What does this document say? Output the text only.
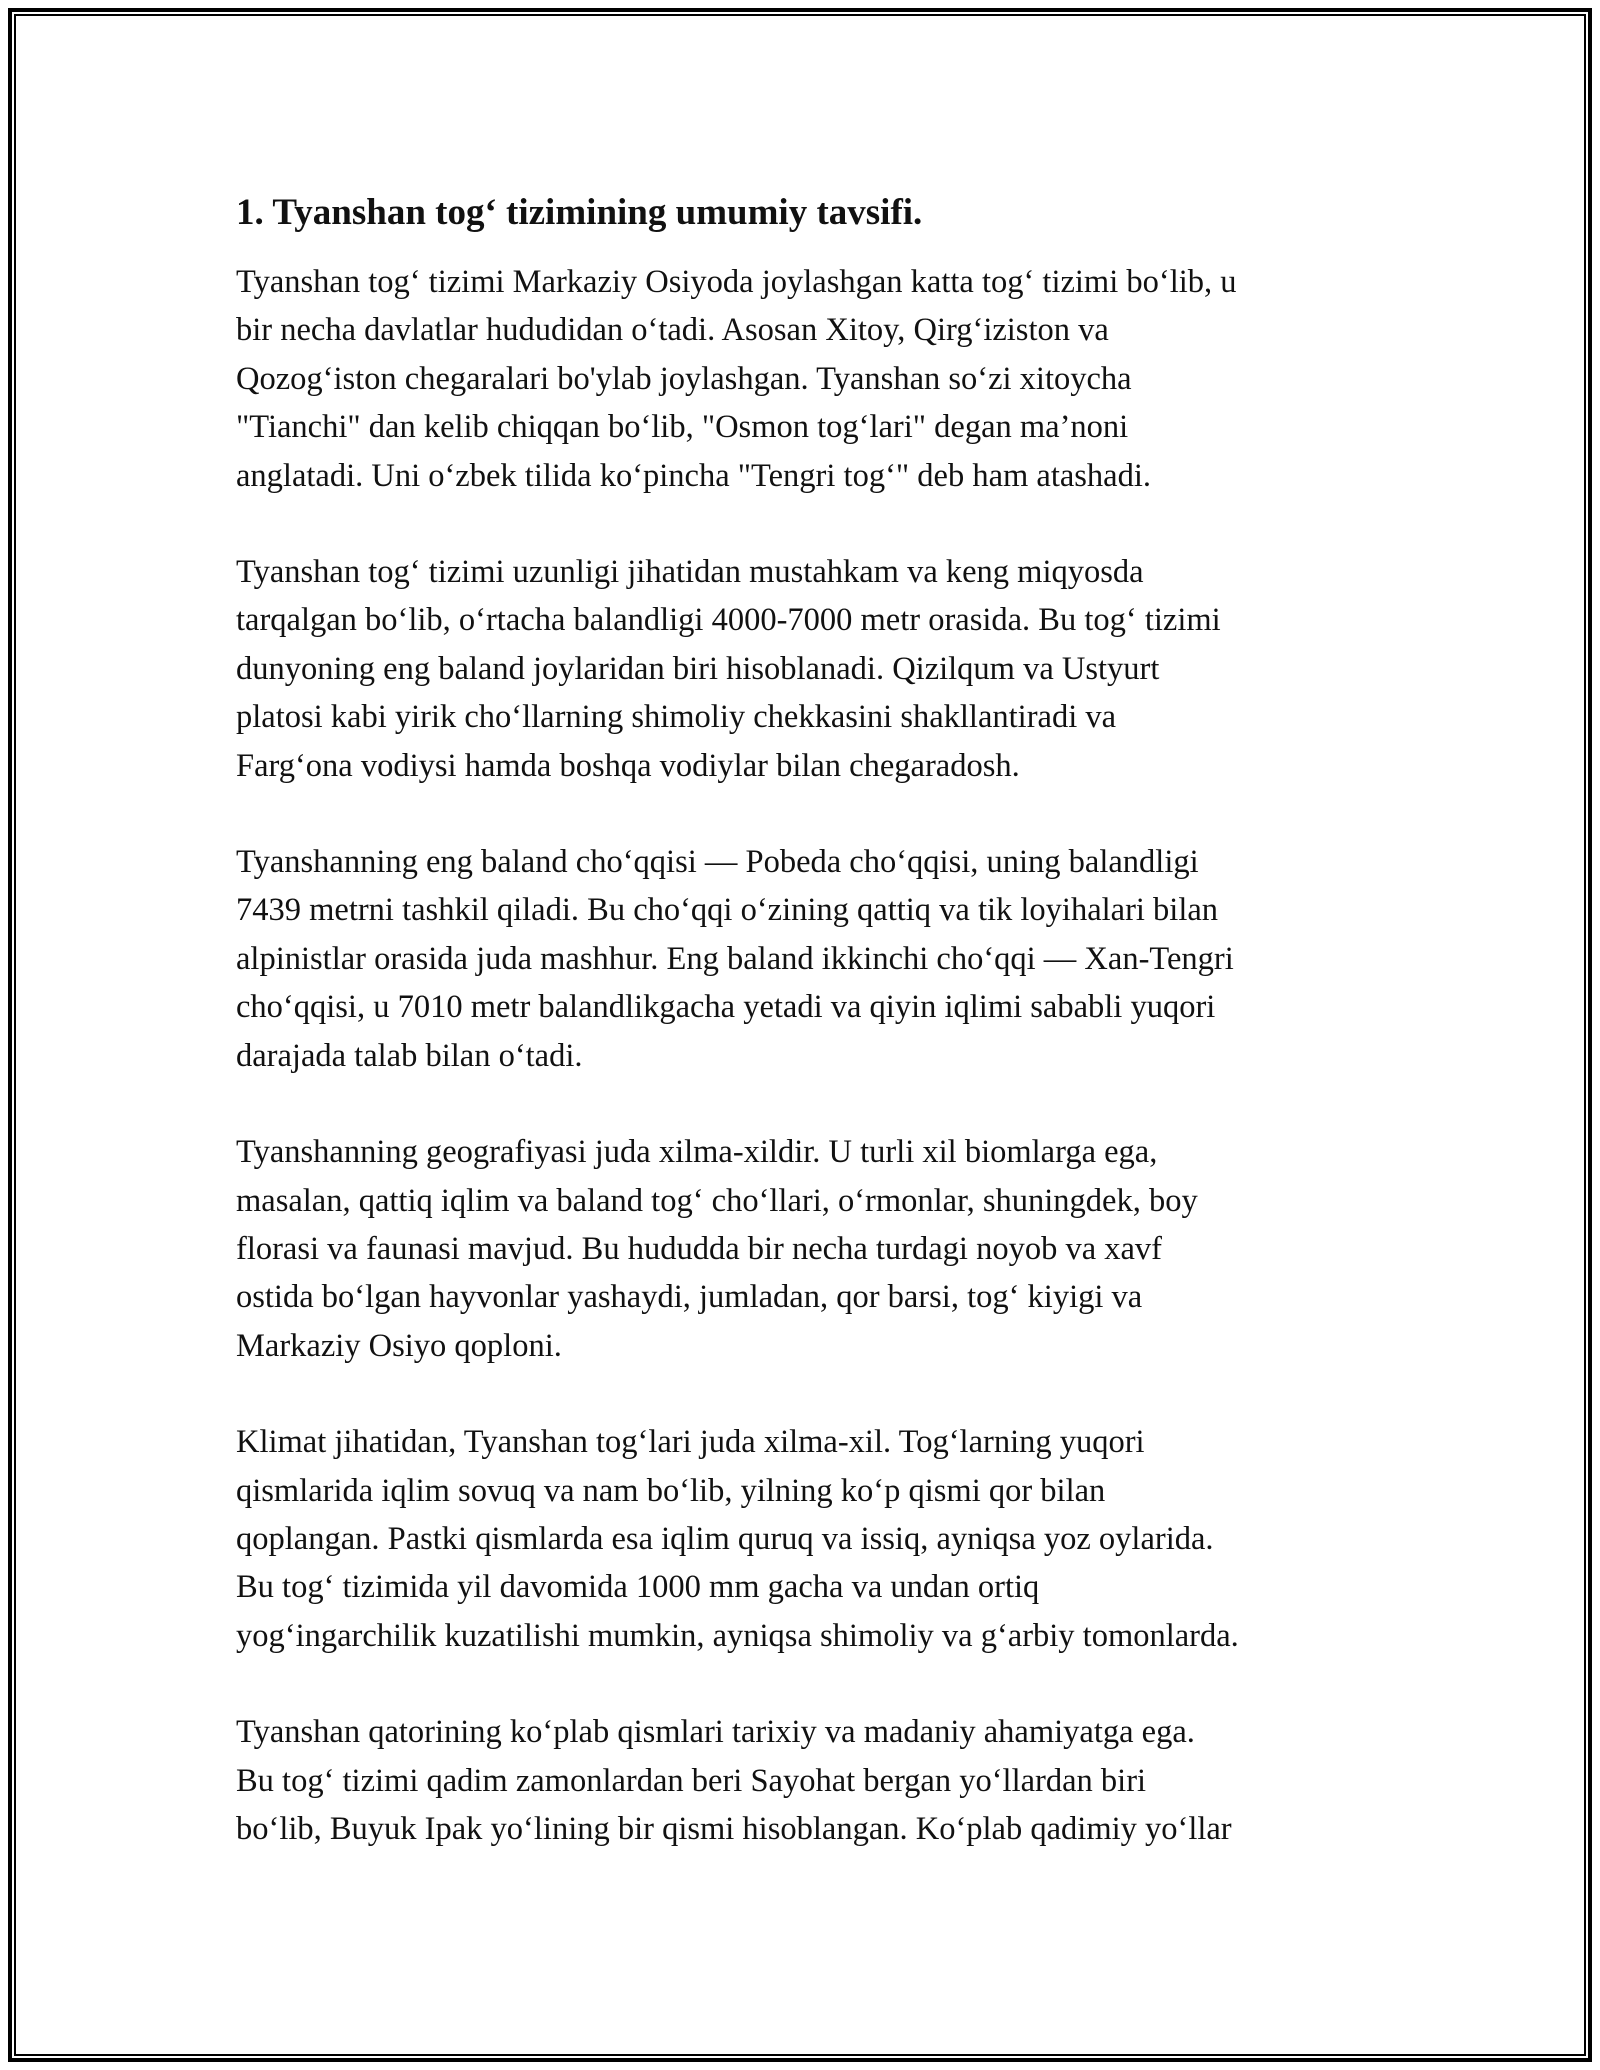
1. Tyanshan tog‘ tizimining umumiy tavsifi.

Tyanshan tog‘ tizimi Markaziy Osiyoda joylashgan katta tog‘ tizimi bo‘lib, u
bir necha davlatlar hududidan o‘tadi. Asosan Xitoy, Qirg‘iziston va
Qozog‘iston chegaralari bo'ylab joylashgan. Tyanshan so‘zi xitoycha
"Tianchi" dan kelib chiqqan bo‘lib, "Osmon tog‘lari" degan ma’noni
anglatadi. Uni o‘zbek tilida ko‘pincha "Tengri tog‘" deb ham atashadi.

Tyanshan tog‘ tizimi uzunligi jihatidan mustahkam va keng miqyosda
tarqalgan bo‘lib, o‘rtacha balandligi 4000-7000 metr orasida. Bu tog‘ tizimi
dunyoning eng baland joylaridan biri hisoblanadi. Qizilqum va Ustyurt
platosi kabi yirik cho‘llarning shimoliy chekkasini shakllantiradi va
Farg‘ona vodiysi hamda boshqa vodiylar bilan chegaradosh.

Tyanshanning eng baland cho‘qqisi — Pobeda cho‘qqisi, uning balandligi
7439 metrni tashkil qiladi. Bu cho‘qqi o‘zining qattiq va tik loyihalari bilan
alpinistlar orasida juda mashhur. Eng baland ikkinchi cho‘qqi — Xan-Tengri
cho‘qqisi, u 7010 metr balandlikgacha yetadi va qiyin iqlimi sababli yuqori
darajada talab bilan o‘tadi.

Tyanshanning geografiyasi juda xilma-xildir. U turli xil biomlarga ega,
masalan, qattiq iqlim va baland tog‘ cho‘llari, o‘rmonlar, shuningdek, boy
florasi va faunasi mavjud. Bu hududda bir necha turdagi noyob va xavf
ostida bo‘lgan hayvonlar yashaydi, jumladan, qor barsi, tog‘ kiyigi va
Markaziy Osiyo qoploni.

Klimat jihatidan, Tyanshan tog‘lari juda xilma-xil. Tog‘larning yuqori
qismlarida iqlim sovuq va nam bo‘lib, yilning ko‘p qismi qor bilan
qoplangan. Pastki qismlarda esa iqlim quruq va issiq, ayniqsa yoz oylarida.
Bu tog‘ tizimida yil davomida 1000 mm gacha va undan ortiq
yog‘ingarchilik kuzatilishi mumkin, ayniqsa shimoliy va g‘arbiy tomonlarda.

Tyanshan qatorining ko‘plab qismlari tarixiy va madaniy ahamiyatga ega.
Bu tog‘ tizimi qadim zamonlardan beri Sayohat bergan yo‘llardan biri
bo‘lib, Buyuk Ipak yo‘lining bir qismi hisoblangan. Ko‘plab qadimiy yo‘llar
